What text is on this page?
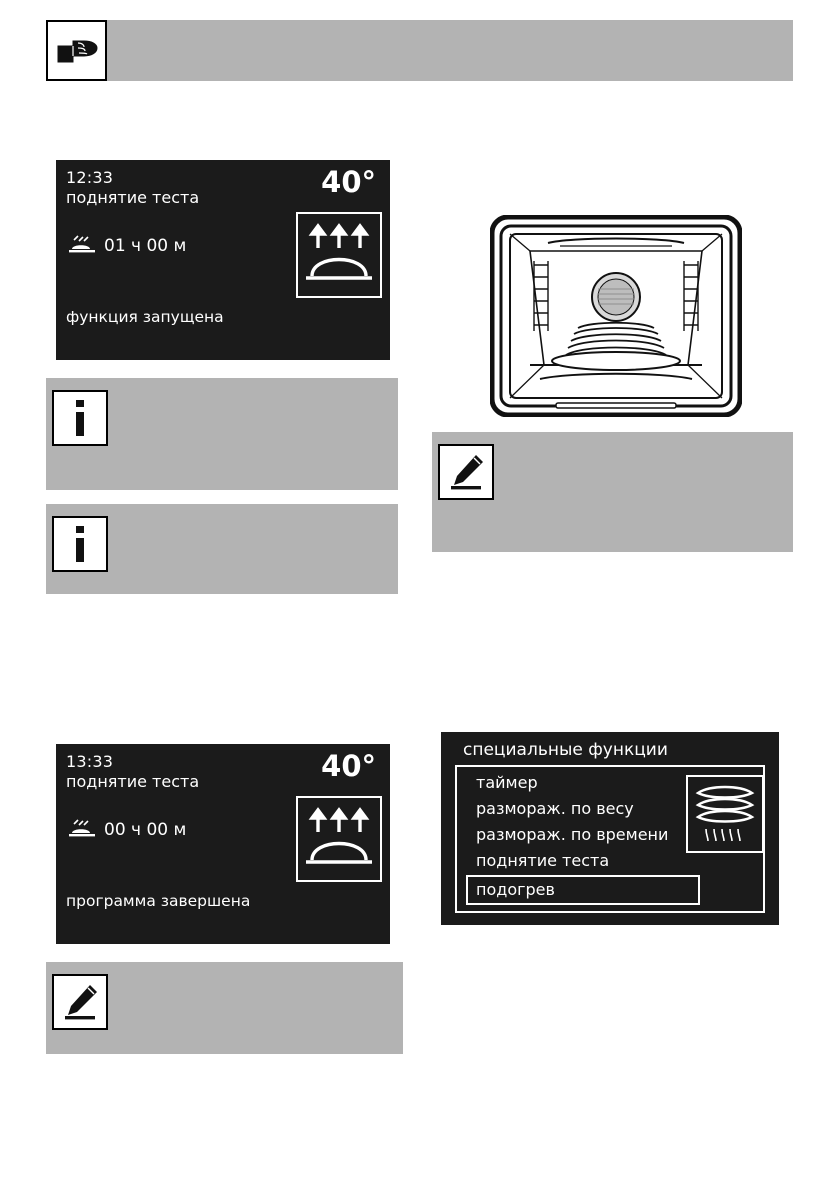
12:33
поднятие теста	40°
01 ч 00 м
функция запущена
13:33
поднятие теста	40°
00 ч 00 м
программа завершена
специальные функции
таймер
размораж. по весу
размораж. по времени
поднятие теста
подогрев
